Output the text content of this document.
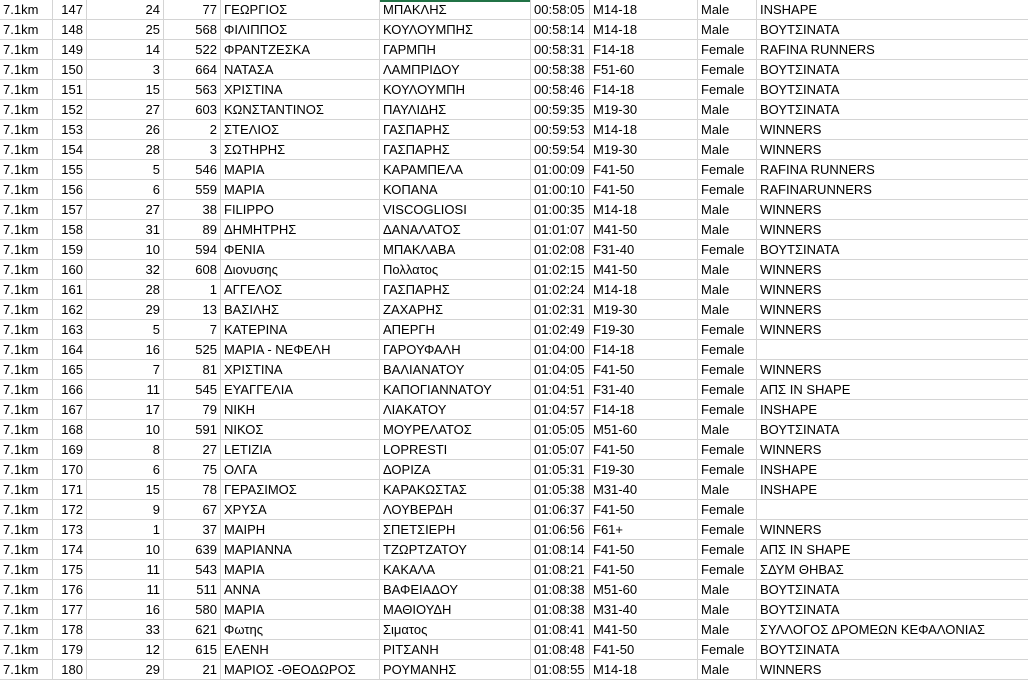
7.1km	147	24	77 ΓΕΩΡΓΙΟΣ	ΜΠΑΚΛΗΣ	00:58:05 M14-18	Male	INSHAPE
7.1km	148	25	568 ΦΙΛΙΠΠΟΣ	ΚΟΥΛΟΥΜΠΗΣ	00:58:14 M14-18	Male	ΒΟΥΤΣΙΝΑΤΑ
7.1km	149	14	522 ΦΡΑΝΤΖΕΣΚΑ	ΓΑΡΜΠΗ	00:58:31 F14-18	Female	RAFINA RUNNERS
7.1km	150	3	664 ΝΑΤΑΣΑ	ΛΑΜΠΡΙΔΟΥ	00:58:38 F51-60	Female	ΒΟΥΤΣΙΝΑΤΑ
7.1km	151	15	563 ΧΡΙΣΤΙΝΑ	ΚΟΥΛΟΥΜΠΗ	00:58:46 F14-18	Female	ΒΟΥΤΣΙΝΑΤΑ
7.1km	152	27	603 ΚΩΝΣΤΑΝΤΙΝΟΣ	ΠΑΥΛΙΔΗΣ	00:59:35 M19-30	Male	ΒΟΥΤΣΙΝΑΤΑ
7.1km	153	26	2 ΣΤΕΛΙΟΣ	ΓΑΣΠΑΡΗΣ	00:59:53 M14-18	Male	WINNERS
7.1km	154	28	3 ΣΩΤΗΡΗΣ	ΓΑΣΠΑΡΗΣ	00:59:54 M19-30	Male	WINNERS
7.1km	155	5	546 ΜΑΡΙΑ	ΚΑΡΑΜΠΕΛΑ	01:00:09 F41-50	Female	RAFINA RUNNERS
7.1km	156	6	559 ΜΑΡΙΑ	ΚΟΠΑΝΑ	01:00:10 F41-50	Female	RAFINARUNNERS
7.1km	157	27	38 FILIPPO	VISCOGLIOSI	01:00:35 M14-18	Male	WINNERS
7.1km	158	31	89 ΔΗΜΗΤΡΗΣ	ΔΑΝΑΛΑΤΟΣ	01:01:07 M41-50	Male	WINNERS
7.1km	159	10	594 ΦΕΝΙΑ	ΜΠΑΚΛΑΒΑ	01:02:08 F31-40	Female	ΒΟΥΤΣΙΝΑΤΑ
7.1km	160	32	608 Διονυσης	Πολλατος	01:02:15 M41-50	Male	WINNERS
7.1km	161	28	1 ΑΓΓΕΛΟΣ	ΓΑΣΠΑΡΗΣ	01:02:24 M14-18	Male	WINNERS
7.1km	162	29	13 ΒΑΣΙΛΗΣ	ΖΑΧΑΡΗΣ	01:02:31 M19-30	Male	WINNERS
7.1km	163	5	7 ΚΑΤΕΡΙΝΑ	ΑΠΕΡΓΗ	01:02:49 F19-30	Female	WINNERS
7.1km	164	16	525 ΜΑΡΙΑ - ΝΕΦΕΛΗ	ΓΑΡΟΥΦΑΛΗ	01:04:00 F14-18	Female
7.1km	165	7	81 ΧΡΙΣΤΙΝΑ	ΒΑΛΙΑΝΑΤΟΥ	01:04:05 F41-50	Female	WINNERS
7.1km	166	11	545 ΕΥΑΓΓΕΛΙΑ	ΚΑΠΟΓΙΑΝΝΑΤΟΥ	01:04:51 F31-40	Female	ΑΠΣ IN SHAPE
7.1km	167	17	79 ΝΙΚΗ	ΛΙΑΚΑΤΟΥ	01:04:57 F14-18	Female	INSHAPE
7.1km	168	10	591 ΝΙΚΟΣ	ΜΟΥΡΕΛΑΤΟΣ	01:05:05 M51-60	Male	ΒΟΥΤΣΙΝΑΤΑ
7.1km	169	8	27 LETIZIA	LOPRESTI	01:05:07 F41-50	Female	WINNERS
7.1km	170	6	75 ΟΛΓΑ	ΔΟΡΙΖΑ	01:05:31 F19-30	Female	INSHAPE
7.1km	171	15	78 ΓΕΡΑΣΙΜΟΣ	ΚΑΡΑΚΩΣΤΑΣ	01:05:38 M31-40	Male	INSHAPE
7.1km	172	9	67 ΧΡΥΣΑ	ΛΟΥΒΕΡΔΗ	01:06:37 F41-50	Female
7.1km	173	1	37 ΜΑΙΡΗ	ΣΠΕΤΣΙΕΡΗ	01:06:56 F61+	Female	WINNERS
7.1km	174	10	639 ΜΑΡΙΑΝΝΑ	ΤΖΩΡΤΖΑΤΟΥ	01:08:14 F41-50	Female	ΑΠΣ IN SHAPE
7.1km	175	11	543 ΜΑΡΙΑ	ΚΑΚΑΛΑ	01:08:21 F41-50	Female	ΣΔΥΜ ΘΗΒΑΣ
7.1km	176	11	511 ΑΝΝΑ	ΒΑΦΕΙΑΔΟΥ	01:08:38 M51-60	Male	ΒΟΥΤΣΙΝΑΤΑ
7.1km	177	16	580 ΜΑΡΙΑ	ΜΑΘΙΟΥΔΗ	01:08:38 M31-40	Male	ΒΟΥΤΣΙΝΑΤΑ
7.1km	178	33	621 Φωτης	Σιματος	01:08:41 M41-50	Male	ΣΥΛΛΟΓΟΣ ΔΡΟΜΕΩΝ ΚΕΦΑΛΟΝΙΑΣ
7.1km	179	12	615 ΕΛΕΝΗ	ΡΙΤΣΑΝΗ	01:08:48 F41-50	Female	ΒΟΥΤΣΙΝΑΤΑ
7.1km	180	29	21 ΜΑΡΙΟΣ -ΘΕΟΔΩΡΟΣ	ΡΟΥΜΑΝΗΣ	01:08:55 M14-18	Male	WINNERS
